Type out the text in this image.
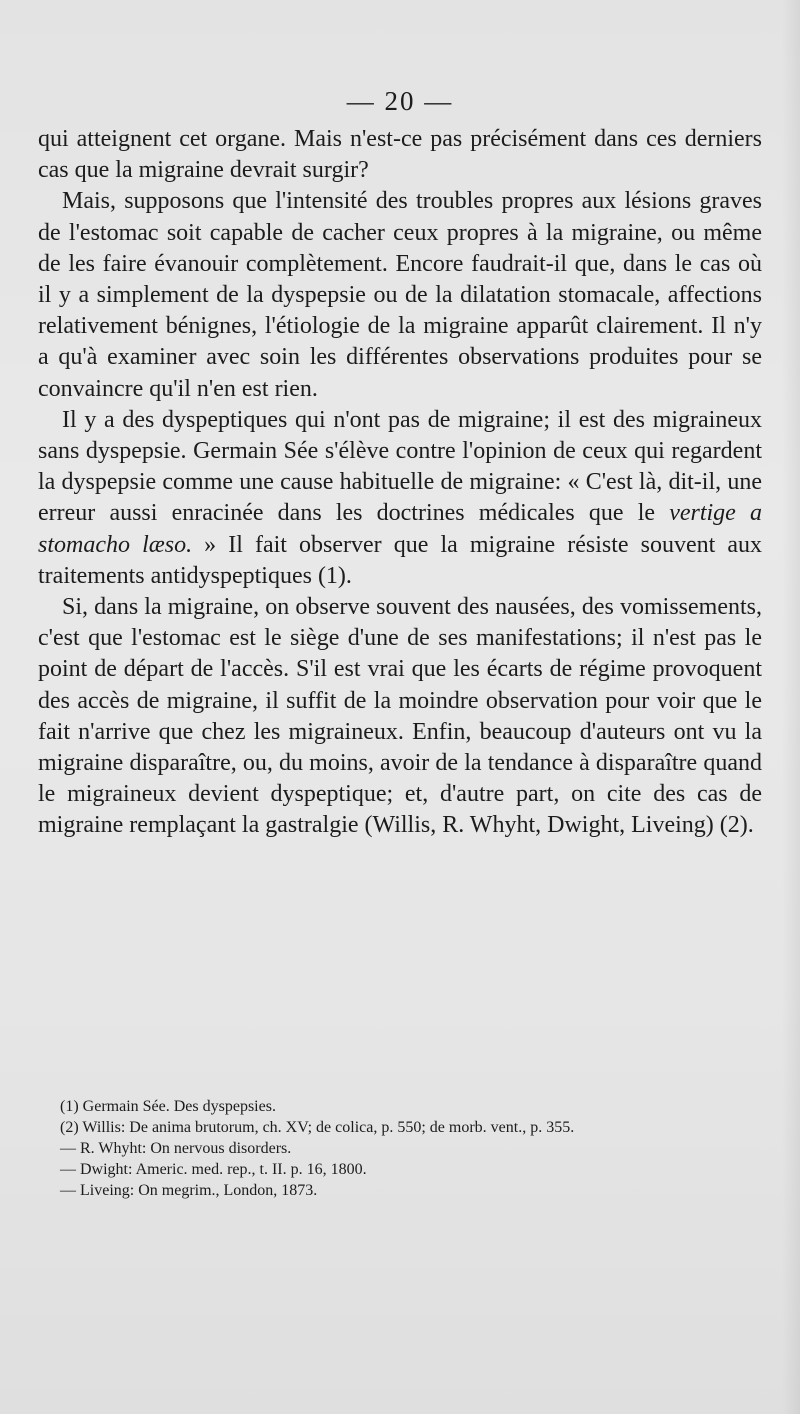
— 20 —

qui atteignent cet organe. Mais n'est-ce pas précisément dans ces derniers cas que la migraine devrait surgir?

Mais, supposons que l'intensité des troubles propres aux lésions graves de l'estomac soit capable de cacher ceux propres à la migraine, ou même de les faire évanouir complètement. Encore faudrait-il que, dans le cas où il y a simplement de la dyspepsie ou de la dilatation stomacale, affections relativement bénignes, l'étiologie de la migraine apparût clairement. Il n'y a qu'à examiner avec soin les différentes observations produites pour se convaincre qu'il n'en est rien.

Il y a des dyspeptiques qui n'ont pas de migraine; il est des migraineux sans dyspepsie. Germain Sée s'élève contre l'opinion de ceux qui regardent la dyspepsie comme une cause habituelle de migraine: « C'est là, dit-il, une erreur aussi enracinée dans les doctrines médicales que le vertige a stomacho læso. » Il fait observer que la migraine résiste souvent aux traitements antidyspeptiques (1).

Si, dans la migraine, on observe souvent des nausées, des vomissements, c'est que l'estomac est le siège d'une de ses manifestations; il n'est pas le point de départ de l'accès. S'il est vrai que les écarts de régime provoquent des accès de migraine, il suffit de la moindre observation pour voir que le fait n'arrive que chez les migraineux. Enfin, beaucoup d'auteurs ont vu la migraine disparaître, ou, du moins, avoir de la tendance à disparaître quand le migraineux devient dyspeptique; et, d'autre part, on cite des cas de migraine remplaçant la gastralgie (Willis, R. Whyht, Dwight, Liveing) (2).

(1) Germain Sée. Des dyspepsies.
(2) Willis: De anima brutorum, ch. XV; de colica, p. 550; de morb. vent., p. 355.
— R. Whyht: On nervous disorders.
— Dwight: Americ. med. rep., t. II. p. 16, 1800.
— Liveing: On megrim., London, 1873.
